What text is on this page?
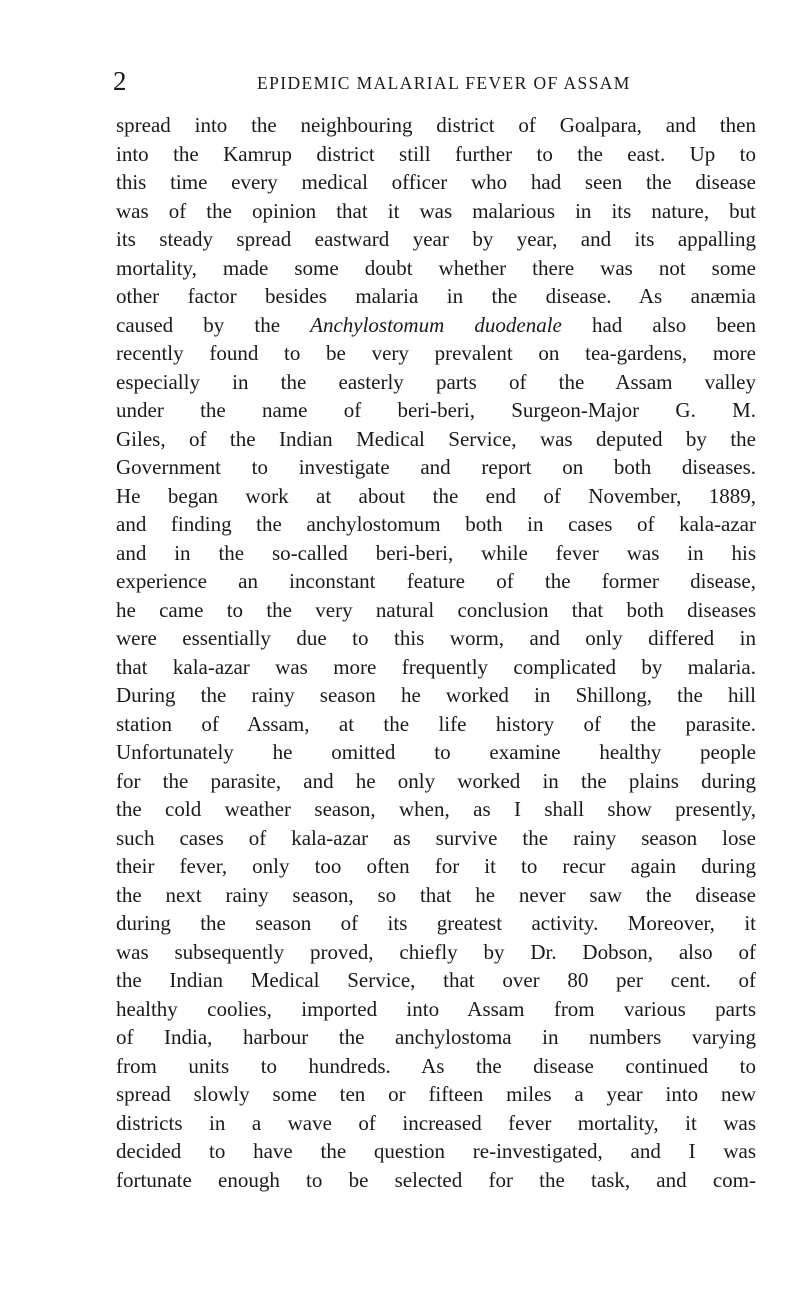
2	EPIDEMIC MALARIAL FEVER OF ASSAM
spread into the neighbouring district of Goalpara, and then
into the Kamrup district still further to the east. Up to
this time every medical officer who had seen the disease
was of the opinion that it was malarious in its nature, but
its steady spread eastward year by year, and its appalling
mortality, made some doubt whether there was not some
other factor besides malaria in the disease. As anæmia
caused by the Anchylostomum duodenale had also been
recently found to be very prevalent on tea-gardens, more
especially in the easterly parts of the Assam valley
under the name of beri-beri, Surgeon-Major G. M.
Giles, of the Indian Medical Service, was deputed by the
Government to investigate and report on both diseases.
He began work at about the end of November, 1889,
and finding the anchylostomum both in cases of kala-azar
and in the so-called beri-beri, while fever was in his
experience an inconstant feature of the former disease,
he came to the very natural conclusion that both diseases
were essentially due to this worm, and only differed in
that kala-azar was more frequently complicated by malaria.
During the rainy season he worked in Shillong, the hill
station of Assam, at the life history of the parasite.
Unfortunately he omitted to examine healthy people
for the parasite, and he only worked in the plains during
the cold weather season, when, as I shall show presently,
such cases of kala-azar as survive the rainy season lose
their fever, only too often for it to recur again during
the next rainy season, so that he never saw the disease
during the season of its greatest activity. Moreover, it
was subsequently proved, chiefly by Dr. Dobson, also of
the Indian Medical Service, that over 80 per cent. of
healthy coolies, imported into Assam from various parts
of India, harbour the anchylostoma in numbers varying
from units to hundreds. As the disease continued to
spread slowly some ten or fifteen miles a year into new
districts in a wave of increased fever mortality, it was
decided to have the question re-investigated, and I was
fortunate enough to be selected for the task, and com-
